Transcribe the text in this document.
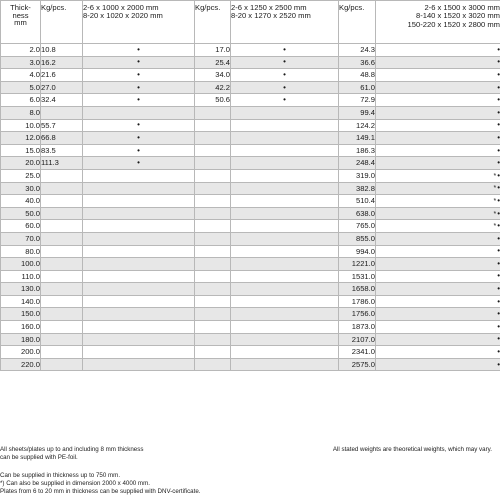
Thick-
ness
mm	Kg/pcs.	2-6 x 1000 x 2000 mm
8-20 x 1020 x 2020 mm	Kg/pcs.	2-6 x 1250 x 2500 mm
8-20 x 1270 x 2520 mm	Kg/pcs.	2-6 x 1500 x 3000 mm
8-140 x 1520 x 3020 mm
150-220 x 1520 x 2800 mm
2.0	10.8	•	17.0	•	24.3	•
3.0	16.2	•	25.4	•	36.6	•
4.0	21.6	•	34.0	•	48.8	•
5.0	27.0	•	42.2	•	61.0	•
6.0	32.4	•	50.6	•	72.9	•
8.0					99.4	•
10.0	55.7	•			124.2	•
12.0	66.8	•			149.1	•
15.0	83.5	•			186.3	•
20.0	111.3	•			248.4	•
25.0					319.0	*•
30.0					382.8	*•
40.0					510.4	*•
50.0					638.0	*•
60.0					765.0	*•
70.0					855.0	•
80.0					994.0	•
100.0					1221.0	•
110.0					1531.0	•
130.0					1658.0	•
140.0					1786.0	•
150.0					1756.0	•
160.0					1873.0	•
180.0					2107.0	•
200.0					2341.0	•
220.0					2575.0	•
All sheets/plates up to and including 8 mm thickness
can be supplied with PE-foil.
All stated weights are theoretical weights, which may vary.
Can be supplied in thickness up to 750 mm.
*) Can also be supplied in dimension 2000 x 4000 mm.
Plates from 6 to 20 mm in thickness can be supplied with DNV-certificate.
